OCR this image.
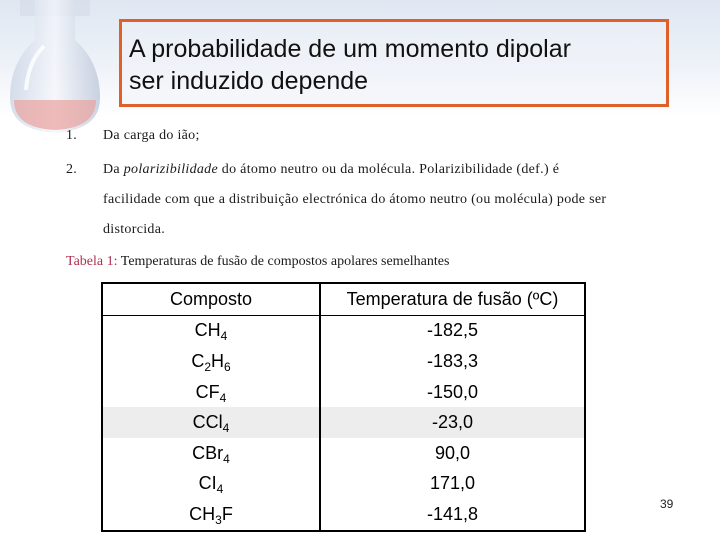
A probabilidade de um momento dipolar
ser induzido depende
1. Da carga do ião;
2. Da polarizibilidade do átomo neutro ou da molécula. Polarizibilidade (def.) é
facilidade com que a distribuição electrónica do átomo neutro (ou molécula) pode ser
distorcida.
Tabela 1: Temperaturas de fusão de compostos apolares semelhantes
Composto	Temperatura de fusão (ºC)
$CH_4$	-182,5
$C_2H_6$	-183,3
$CF_4$	-150,0
CCl$_4$	-23,0
CBr$_4$	90,0
$CI_4$	171,0
$CH_3F$	-141,8	39
